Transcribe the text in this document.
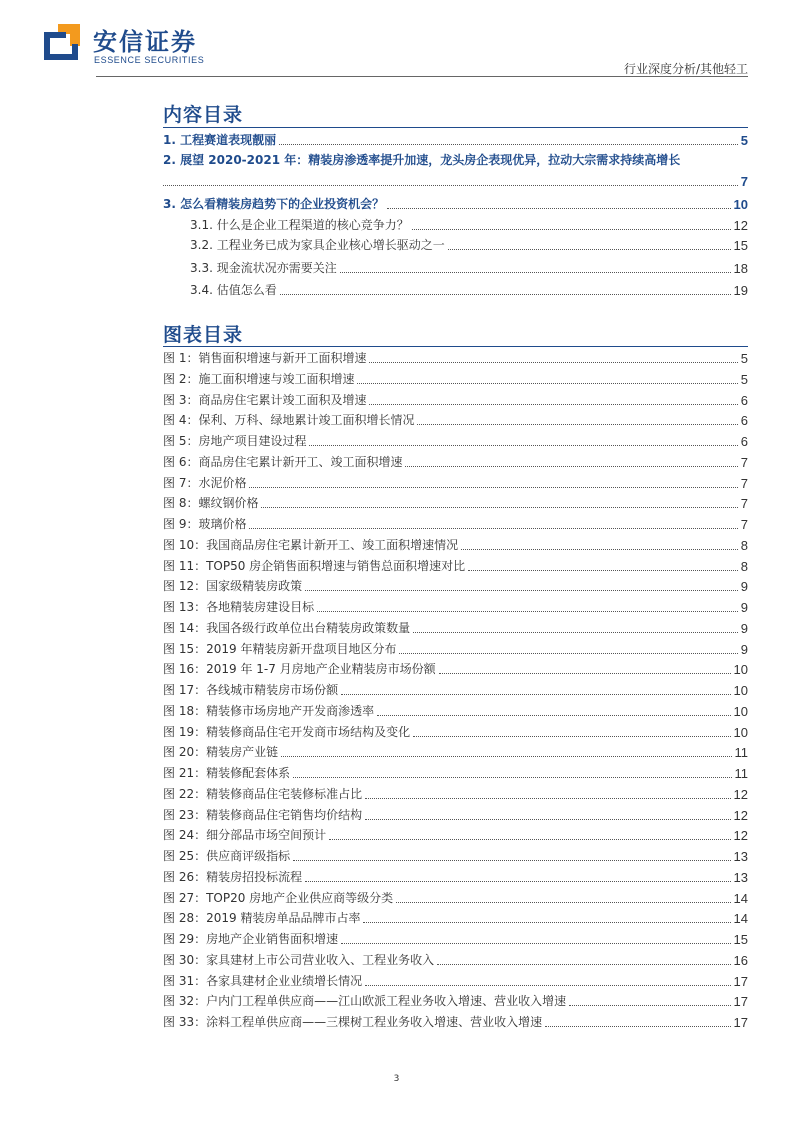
安信证券
ESSENCE SECURITIES
行业深度分析/其他轻工
内容目录
1. 工程赛道表现靓丽	5
2. 展望 2020-2021 年：精装房渗透率提升加速，龙头房企表现优异，拉动大宗需求持续高增长
7
3. 怎么看精装房趋势下的企业投资机会？	10
3.1. 什么是企业工程渠道的核心竞争力？	12
3.2. 工程业务已成为家具企业核心增长驱动之一	15
3.3. 现金流状况亦需要关注	18
3.4. 估值怎么看	19
图表目录
图 1：销售面积增速与新开工面积增速	5
图 2：施工面积增速与竣工面积增速	5
图 3：商品房住宅累计竣工面积及增速	6
图 4：保利、万科、绿地累计竣工面积增长情况	6
图 5：房地产项目建设过程	6
图 6：商品房住宅累计新开工、竣工面积增速	7
图 7：水泥价格	7
图 8：螺纹钢价格	7
图 9：玻璃价格	7
图 10：我国商品房住宅累计新开工、竣工面积增速情况	8
图 11：TOP50 房企销售面积增速与销售总面积增速对比	8
图 12：国家级精装房政策	9
图 13：各地精装房建设目标	9
图 14：我国各级行政单位出台精装房政策数量	9
图 15：2019 年精装房新开盘项目地区分布	9
图 16：2019 年 1-7 月房地产企业精装房市场份额	10
图 17：各线城市精装房市场份额	10
图 18：精装修市场房地产开发商渗透率	10
图 19：精装修商品住宅开发商市场结构及变化	10
图 20：精装房产业链	11
图 21：精装修配套体系	11
图 22：精装修商品住宅装修标准占比	12
图 23：精装修商品住宅销售均价结构	12
图 24：细分部品市场空间预计	12
图 25：供应商评级指标	13
图 26：精装房招投标流程	13
图 27：TOP20 房地产企业供应商等级分类	14
图 28：2019 精装房单品品牌市占率	14
图 29：房地产企业销售面积增速	15
图 30：家具建材上市公司营业收入、工程业务收入	16
图 31：各家具建材企业业绩增长情况	17
图 32：户内门工程单供应商——江山欧派工程业务收入增速、营业收入增速	17
图 33：涂料工程单供应商——三棵树工程业务收入增速、营业收入增速	17
3
